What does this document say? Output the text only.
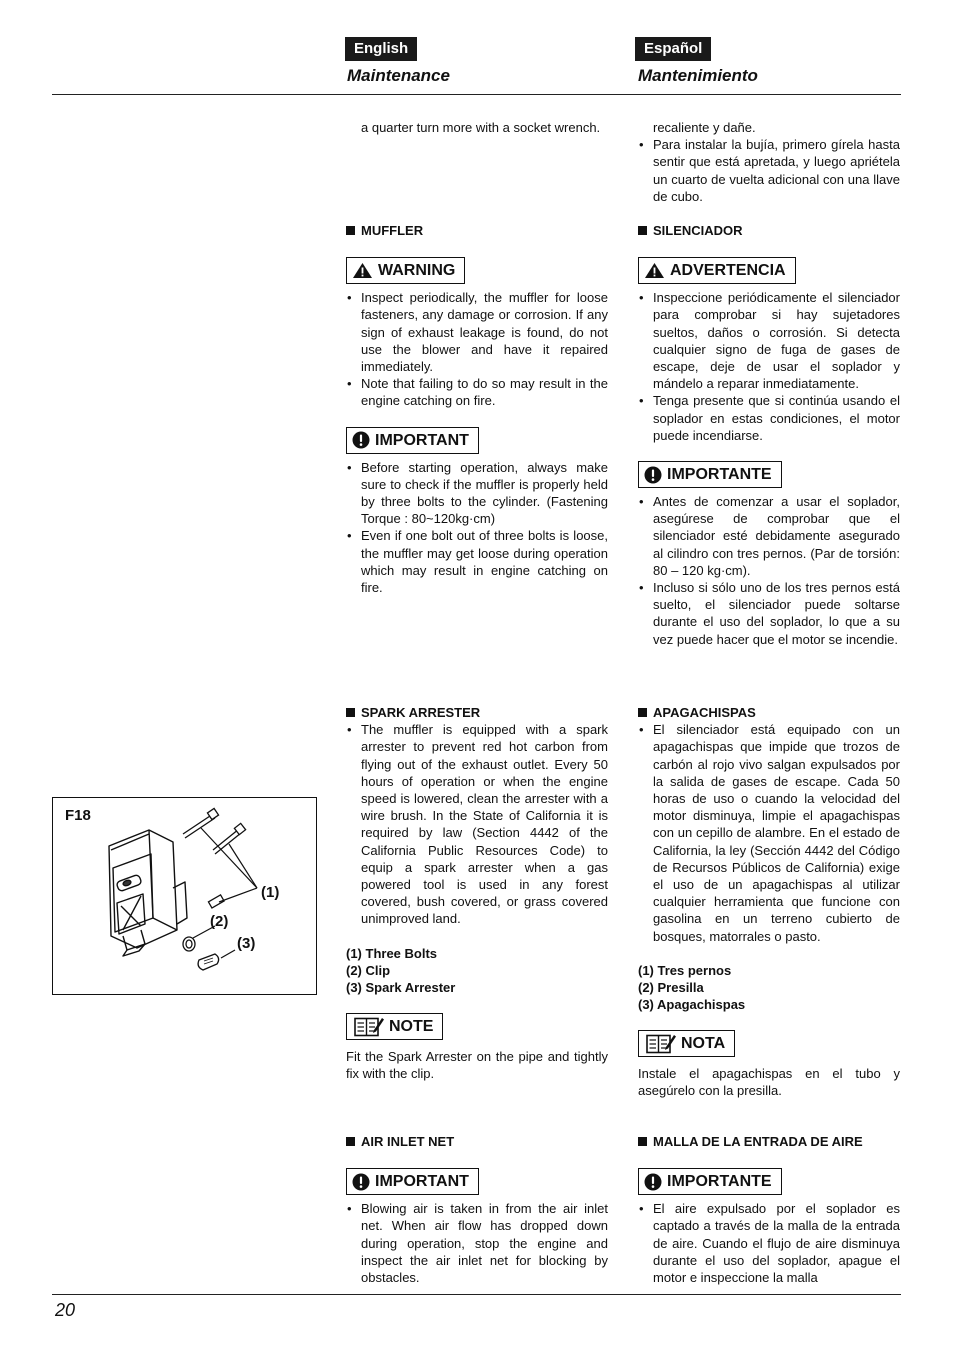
English	Español
Maintenance	Mantenimiento

a quarter turn more with a socket wrench.

MUFFLER
WARNING
• Inspect periodically, the muffler for loose fasteners, any damage or corrosion. If any sign of exhaust leakage is found, do not use the blower and have it repaired immediately.
• Note that failing to do so may result in the engine catching on fire.
IMPORTANT
• Before starting operation, always make sure to check if the muffler is properly held by three bolts to the cylinder. (Fastening Torque : 80~120kg·cm)
• Even if one bolt out of three bolts is loose, the muffler may get loose during operation which may result in engine catching on fire.
SPARK ARRESTER
• The muffler is equipped with a spark arrester to prevent red hot carbon from flying out of the exhaust outlet. Every 50 hours of operation or when the engine speed is lowered, clean the arrester with a wire brush. In the State of California it is required by law (Section 4442 of the California Public Resources Code) to equip a spark arrester when a gas powered tool is used in any forest covered, bush covered, or grass covered unimproved land.
(1) Three Bolts
(2) Clip
(3) Spark Arrester
NOTE

Fit the Spark Arrester on the pipe and tightly fix with the clip.

AIR INLET NET
IMPORTANT
• Blowing air is taken in from the air inlet net. When air flow has dropped down during operation, stop the engine and inspect the air inlet net for blocking by obstacles.

recaliente y dañe.

• Para instalar la bujía, primero gírela hasta sentir que está apretada, y luego apriétela un cuarto de vuelta adicional con una llave de cubo.
SILENCIADOR
ADVERTENCIA
• Inspeccione periódicamente el silenciador para comprobar si hay sujetadores sueltos, daños o corrosión. Si detecta cualquier signo de fuga de gases de escape, deje de usar el soplador y mándelo a reparar inmediatamente.
• Tenga presente que si continúa usando el soplador en estas condiciones, el motor puede incendiarse.
IMPORTANTE
• Antes de comenzar a usar el soplador, asegúrese de comprobar que el silenciador esté debidamente asegurado al cilindro con tres pernos. (Par de torsión: 80 – 120 kg·cm).
• Incluso si sólo uno de los tres pernos está suelto, el silenciador puede soltarse durante el uso del soplador, lo que a su vez puede hacer que el motor se incendie.
APAGACHISPAS
• El silenciador está equipado con un apagachispas que impide que trozos de carbón al rojo vivo salgan expulsados por la salida de gases de escape. Cada 50 horas de uso o cuando la velocidad del motor disminuya, limpie el apagachispas con un cepillo de alambre. En el estado de California, la ley (Sección 4442 del Código de Recursos Públicos de California) exige el uso de un apagachispas al utilizar cualquier herramienta que funcione con gasolina en un terreno cubierto de bosques, matorrales o pasto.
(1) Tres pernos
(2) Presilla
(3) Apagachispas
NOTA

Instale el apagachispas en el tubo y asegúrelo con la presilla.

MALLA DE LA ENTRADA DE AIRE
IMPORTANTE
• El aire expulsado por el soplador es captado a través de la malla de la entrada de aire. Cuando el flujo de aire disminuya durante el uso del soplador, apague el motor e inspeccione la malla
F18
(1)
(2)
(3)
20
